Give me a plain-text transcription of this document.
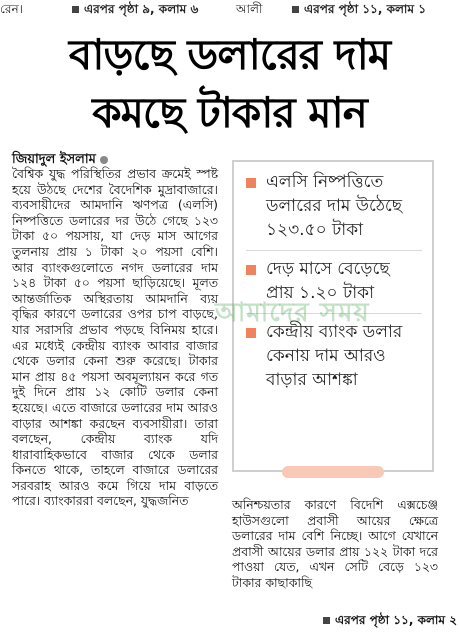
রেন।	এরপর পৃষ্ঠা ৯, কলাম ৬	আলী	এরপর পৃষ্ঠা ১১, কলাম ১
বাড়ছে ডলারের দাম
কমছে টাকার মান
জিয়াদুল ইসলাম

বৈশ্বিক যুদ্ধ পরিস্থিতির প্রভাব ক্রমেই স্পষ্ট হয়ে উঠছে দেশের বৈদেশিক মুদ্রাবাজারে। ব্যবসায়ীদের আমদানি ঋণপত্র (এলসি) নিষ্পত্তিতে ডলারের দর উঠে গেছে ১২৩ টাকা ৫০ পয়সায়, যা দেড় মাস আগের তুলনায় প্রায় ১ টাকা ২০ পয়সা বেশি। আর ব্যাংকগুলোতে নগদ ডলারের দাম ১২৪ টাকা ৫০ পয়সা ছাড়িয়েছে। মূলত আন্তর্জাতিক অস্থিরতায় আমদানি ব্যয় বৃদ্ধির কারণে ডলারের ওপর চাপ বাড়ছে, যার সরাসরি প্রভাব পড়ছে বিনিময় হারে। এর মধ্যেই কেন্দ্রীয় ব্যাংক আবার বাজার থেকে ডলার কেনা শুরু করেছে। টাকার মান প্রায় ৪৫ পয়সা অবমূল্যায়ন করে গত দুই দিনে প্রায় ১২ কোটি ডলার কেনা হয়েছে। এতে বাজারে ডলারের দাম আরও বাড়ার আশঙ্কা করছেন ব্যবসায়ীরা। তারা বলছেন, কেন্দ্রীয় ব্যাংক যদি ধারাবাহিকভাবে বাজার থেকে ডলার কিনতে থাকে, তাহলে বাজারে ডলারের সরবরাহ আরও কমে গিয়ে দাম বাড়তে পারে। ব্যাংকাররা বলছেন, যুদ্ধজনিত

এলসি নিষ্পত্তিতে ডলারের দাম উঠেছে ১২৩.৫০ টাকা
দেড় মাসে বেড়েছে প্রায় ১.২০ টাকা
কেন্দ্রীয় ব্যাংক ডলার কেনায় দাম আরও বাড়ার আশঙ্কা

অনিশ্চয়তার কারণে বিদেশি এক্সচেঞ্জ হাউসগুলো প্রবাসী আয়ের ক্ষেত্রে ডলারের দাম বেশি নিচ্ছে। আগে যেখানে প্রবাসী আয়ের ডলার প্রায় ১২২ টাকা দরে পাওয়া যেত, এখন সেটি বেড়ে ১২৩ টাকার কাছাকাছি

এরপর পৃষ্ঠা ১১, কলাম ২
আমাদের সময়
